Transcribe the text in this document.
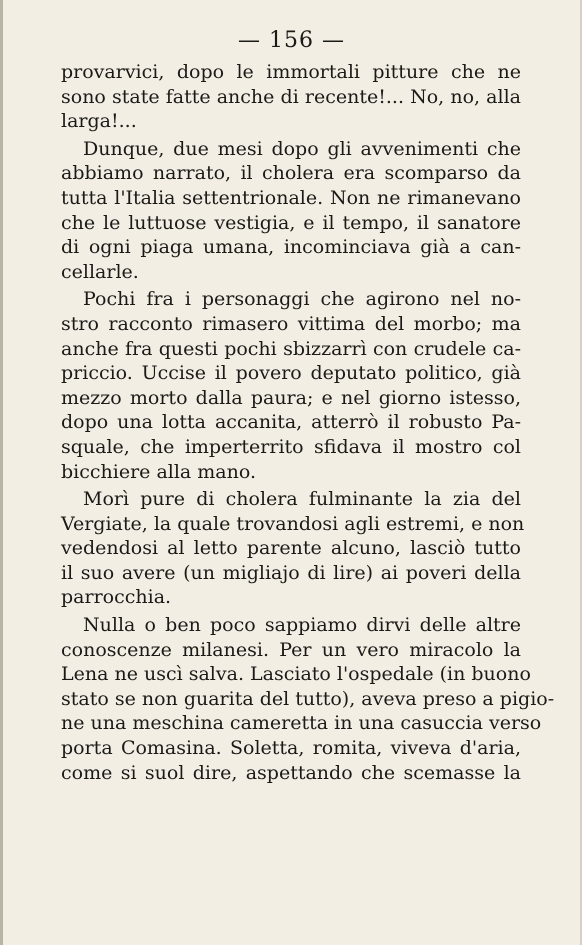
— 156 —
provarvici, dopo le immortali pitture che ne
sono state fatte anche di recente!... No, no, alla
larga!...
Dunque, due mesi dopo gli avvenimenti che
abbiamo narrato, il cholera era scomparso da
tutta l'Italia settentrionale. Non ne rimanevano
che le luttuose vestigia, e il tempo, il sanatore
di ogni piaga umana, incominciava già a can-
cellarle.
Pochi fra i personaggi che agirono nel no-
stro racconto rimasero vittima del morbo; ma
anche fra questi pochi sbizzarrì con crudele ca-
priccio. Uccise il povero deputato politico, già
mezzo morto dalla paura; e nel giorno istesso,
dopo una lotta accanita, atterrò il robusto Pa-
squale, che imperterrito sfidava il mostro col
bicchiere alla mano.
Morì pure di cholera fulminante la zia del
Vergiate, la quale trovandosi agli estremi, e non
vedendosi al letto parente alcuno, lasciò tutto
il suo avere (un migliajo di lire) ai poveri della
parrocchia.
Nulla o ben poco sappiamo dirvi delle altre
conoscenze milanesi. Per un vero miracolo la
Lena ne uscì salva. Lasciato l'ospedale (in buono
stato se non guarita del tutto), aveva preso a pigio-
ne una meschina cameretta in una casuccia verso
porta Comasina. Soletta, romita, viveva d'aria,
come si suol dire, aspettando che scemasse la
